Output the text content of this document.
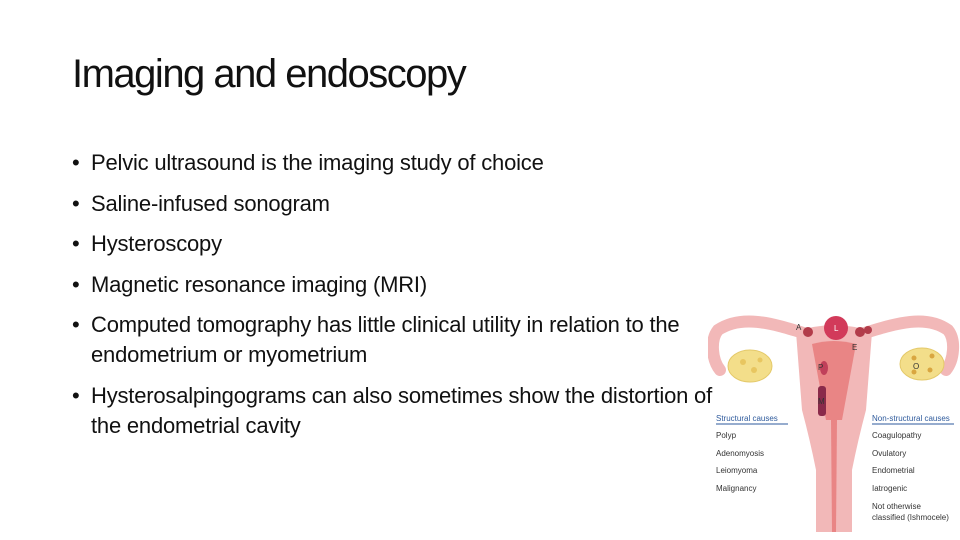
Imaging and endoscopy
• Pelvic ultrasound is the imaging study of choice
• Saline-infused sonogram
• Hysteroscopy
• Magnetic resonance imaging (MRI)
• Computed tomography has little clinical utility in relation to the endometrium or myometrium
• Hysterosalpingograms can also sometimes show the distortion of the endometrial cavity
L
A
E
P
M
O
Structural causes
Polyp
Adenomyosis
Leiomyoma
Malignancy
Non-structural causes
Coagulopathy
Ovulatory
Endometrial
Iatrogenic
Not otherwise
classified (Ishmocele)
